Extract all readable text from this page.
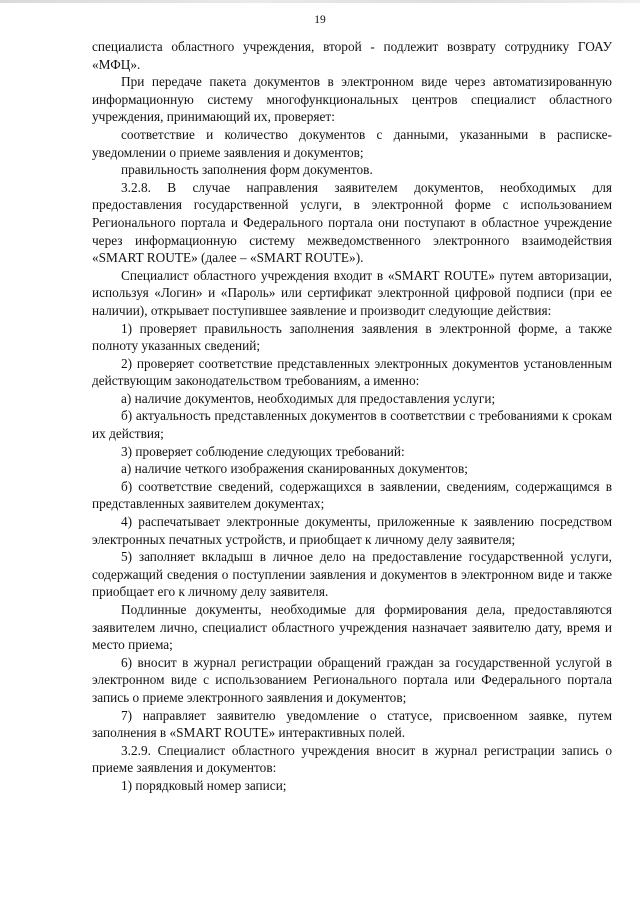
19

специалиста областного учреждения, второй - подлежит возврату сотруднику ГОАУ «МФЦ».

При передаче пакета документов в электронном виде через автоматизированную информационную систему многофункциональных центров специалист областного учреждения, принимающий их, проверяет:

соответствие и количество документов с данными, указанными в расписке-уведомлении о приеме заявления и документов;

правильность заполнения форм документов.

3.2.8. В случае направления заявителем документов, необходимых для предоставления государственной услуги, в электронной форме с использованием Регионального портала и Федерального портала они поступают в областное учреждение через информационную систему межведомственного электронного взаимодействия «SMART ROUTE» (далее – «SMART ROUTE»).

Специалист областного учреждения входит в «SMART ROUTE» путем авторизации, используя «Логин» и «Пароль» или сертификат электронной цифровой подписи (при ее наличии), открывает поступившее заявление и производит следующие действия:

1) проверяет правильность заполнения заявления в электронной форме, а также полноту указанных сведений;

2) проверяет соответствие представленных электронных документов установленным действующим законодательством требованиям, а именно:

а) наличие документов, необходимых для предоставления услуги;

б) актуальность представленных документов в соответствии с требованиями к срокам их действия;

3) проверяет соблюдение следующих требований:

а) наличие четкого изображения сканированных документов;

б) соответствие сведений, содержащихся в заявлении, сведениям, содержащимся в представленных заявителем документах;

4) распечатывает электронные документы, приложенные к заявлению посредством электронных печатных устройств, и приобщает к личному делу заявителя;

5) заполняет вкладыш в личное дело на предоставление государственной услуги, содержащий сведения о поступлении заявления и документов в электронном виде и также приобщает его к личному делу заявителя.

Подлинные документы, необходимые для формирования дела, предоставляются заявителем лично, специалист областного учреждения назначает заявителю дату, время и место приема;

6) вносит в журнал регистрации обращений граждан за государственной услугой в электронном виде с использованием Регионального портала или Федерального портала запись о приеме электронного заявления и документов;

7) направляет заявителю уведомление о статусе, присвоенном заявке, путем заполнения в «SMART ROUTE» интерактивных полей.

3.2.9. Специалист областного учреждения вносит в журнал регистрации запись о приеме заявления и документов:

1) порядковый номер записи;
